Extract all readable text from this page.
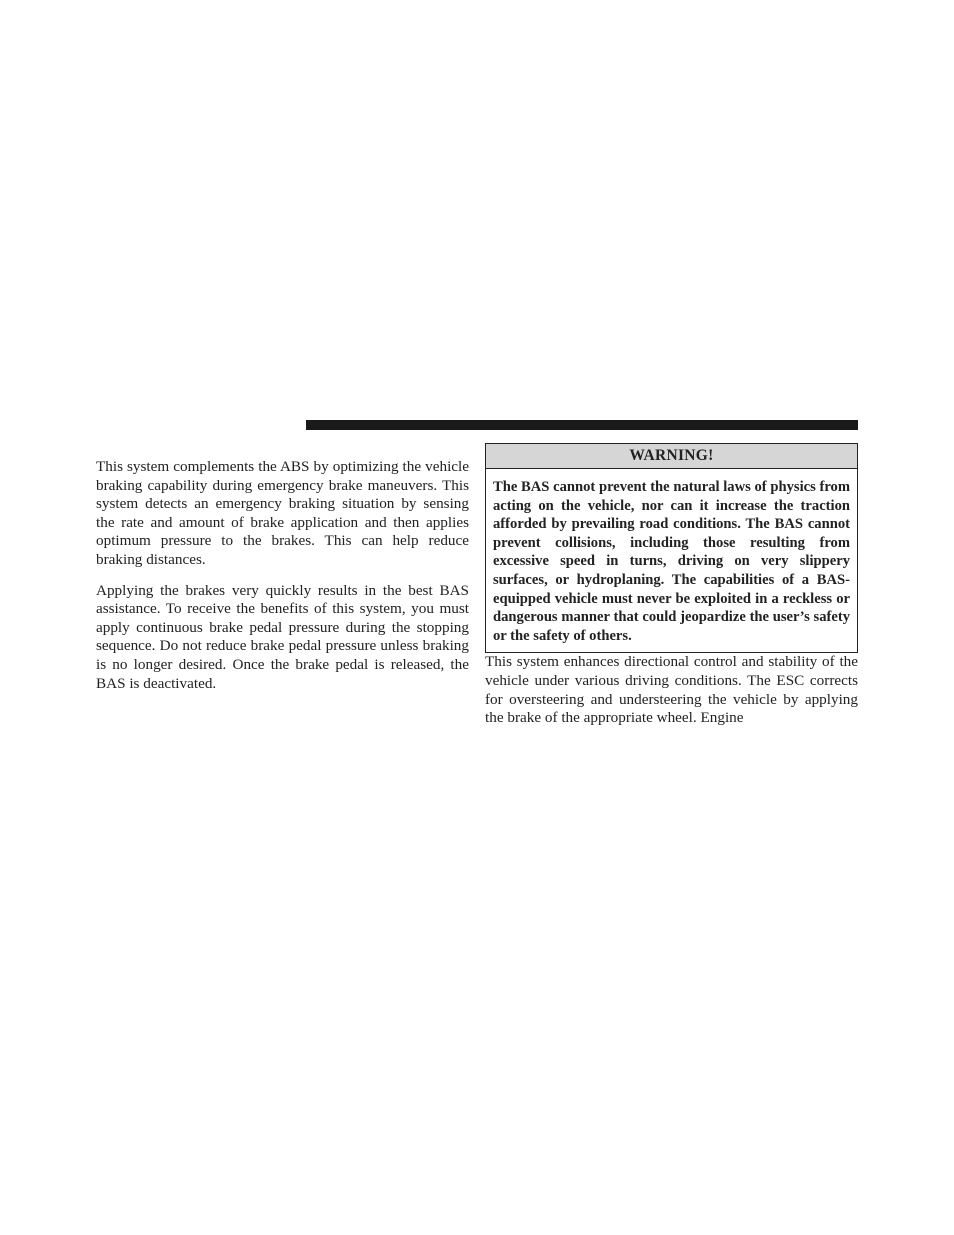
This system complements the ABS by optimizing the vehicle braking capability during emergency brake maneuvers. This system detects an emergency braking situation by sensing the rate and amount of brake application and then applies optimum pressure to the brakes. This can help reduce braking distances.

Applying the brakes very quickly results in the best BAS assistance. To receive the benefits of this system, you must apply continuous brake pedal pressure during the stopping sequence. Do not reduce brake pedal pressure unless braking is no longer desired. Once the brake pedal is released, the BAS is deactivated.

WARNING!
The BAS cannot prevent the natural laws of physics from acting on the vehicle, nor can it increase the traction afforded by prevailing road conditions. The BAS cannot prevent collisions, including those resulting from excessive speed in turns, driving on very slippery surfaces, or hydroplaning. The capabilities of a BAS-equipped vehicle must never be exploited in a reckless or dangerous manner that could jeopardize the user’s safety or the safety of others.

This system enhances directional control and stability of the vehicle under various driving conditions. The ESC corrects for oversteering and understeering the vehicle by applying the brake of the appropriate wheel. Engine
